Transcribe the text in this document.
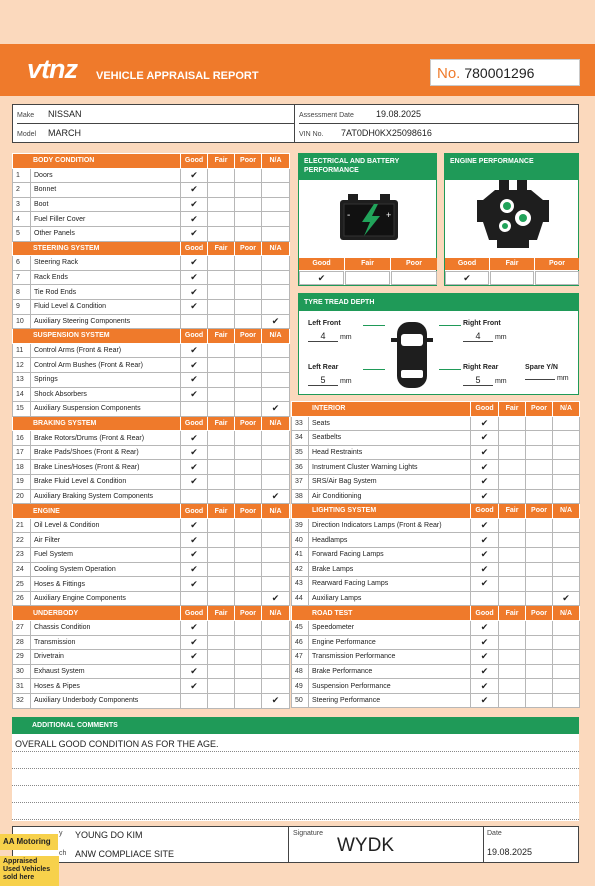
vtnz VEHICLE APPRAISAL REPORT	No. 780001296
Make NISSAN
Model MARCH
Assessment Date 19.08.2025
VIN No. 7AT0DH0KX25098616
BODY CONDITION		Good	Fair	Poor	N/A
1	Doors	✔			
2	Bonnet	✔			
3	Boot	✔			
4	Fuel Filler Cover	✔			
5	Other Panels	✔			
STEERING SYSTEM		Good	Fair	Poor	N/A
6	Steering Rack	✔			
7	Rack Ends	✔			
8	Tie Rod Ends	✔			
9	Fluid Level & Condition	✔			
10	Auxiliary Steering Components				✔
SUSPENSION SYSTEM		Good	Fair	Poor	N/A
11	Control Arms (Front & Rear)	✔			
12	Control Arm Bushes (Front & Rear)	✔			
13	Springs	✔			
14	Shock Absorbers	✔			
15	Auxiliary Suspension Components				✔
BRAKING SYSTEM		Good	Fair	Poor	N/A
16	Brake Rotors/Drums (Front & Rear)	✔			
17	Brake Pads/Shoes (Front & Rear)	✔			
18	Brake Lines/Hoses (Front & Rear)	✔			
19	Brake Fluid Level & Condition	✔			
20	Auxiliary Braking System Components				✔
ENGINE		Good	Fair	Poor	N/A
21	Oil Level & Condition	✔			
22	Air Filter	✔			
23	Fuel System	✔			
24	Cooling System Operation	✔			
25	Hoses & Fittings	✔			
26	Auxiliary Engine Components				✔
UNDERBODY		Good	Fair	Poor	N/A
27	Chassis Condition	✔			
28	Transmission	✔			
29	Drivetrain	✔			
30	Exhaust System	✔			
31	Hoses & Pipes	✔			
32	Auxiliary Underbody Components				✔
INTERIOR		Good	Fair	Poor	N/A
33	Seats	✔			
34	Seatbelts	✔			
35	Head Restraints	✔			
36	Instrument Cluster Warning Lights	✔			
37	SRS/Air Bag System	✔			
38	Air Conditioning	✔			
LIGHTING SYSTEM		Good	Fair	Poor	N/A
39	Direction Indicators Lamps (Front & Rear)	✔			
40	Headlamps	✔			
41	Forward Facing Lamps	✔			
42	Brake Lamps	✔			
43	Rearward Facing Lamps	✔			
44	Auxiliary Lamps				✔
ROAD TEST		Good	Fair	Poor	N/A
45	Speedometer	✔			
46	Engine Performance	✔			
47	Transmission Performance	✔			
48	Brake Performance	✔			
49	Suspension Performance	✔			
50	Steering Performance	✔			
ELECTRICAL AND BATTERY PERFORMANCE
-	+
Good	Fair	Poor
✔
ENGINE PERFORMANCE
Good	Fair	Poor
✔
TYRE TREAD DEPTH
Left Front
4 mm
Right Front
4 mm
Left Rear
5 mm
Right Rear
5 mm
Spare Y/N
mm
ADDITIONAL COMMENTS
OVERALL GOOD CONDITION AS FOR THE AGE.
y YOUNG DO KIM
ch ANW COMPLIACE SITE
Signature
WYDK
Date
19.08.2025
AA Motoring
Appraised
Used Vehicles
sold here
